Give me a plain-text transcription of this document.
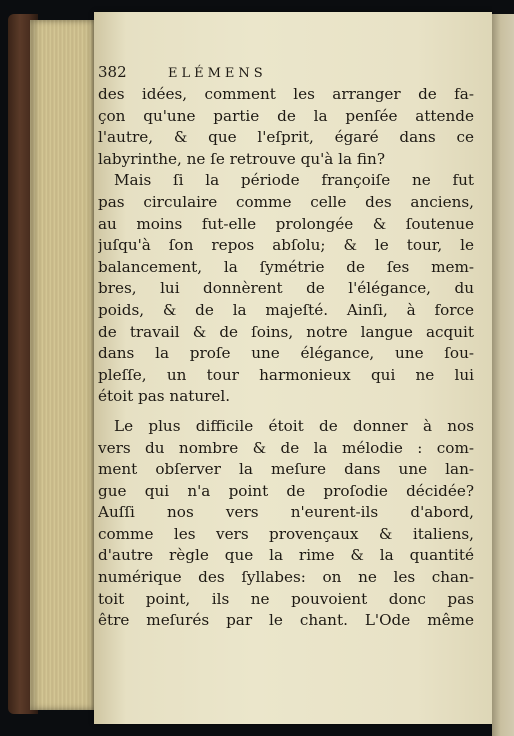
382	ELÉMENS
des idées, comment les arranger de fa-
çon qu'une partie de la penſée attende
l'autre, & que l'eſprit, égaré dans ce
labyrinthe, ne ſe retrouve qu'à la fin?
Mais ſi la période françoiſe ne fut
pas circulaire comme celle des anciens,
au moins fut-elle prolongée & ſoutenue
juſqu'à ſon repos abſolu; & le tour, le
balancement, la ſymétrie de ſes mem-
bres, lui donnèrent de l'élégance, du
poids, & de la majeſté. Ainſi, à force
de travail & de ſoins, notre langue acquit
dans la proſe une élégance, une ſou-
pleſſe, un tour harmonieux qui ne lui
étoit pas naturel.
Le plus difficile étoit de donner à nos
vers du nombre & de la mélodie : com-
ment obſerver la meſure dans une lan-
gue qui n'a point de proſodie décidée?
Auſſi nos vers n'eurent-ils d'abord,
comme les vers provençaux & italiens,
d'autre règle que la rime & la quantité
numérique des ſyllabes: on ne les chan-
toit point, ils ne pouvoient donc pas
être meſurés par le chant. L'Ode même
